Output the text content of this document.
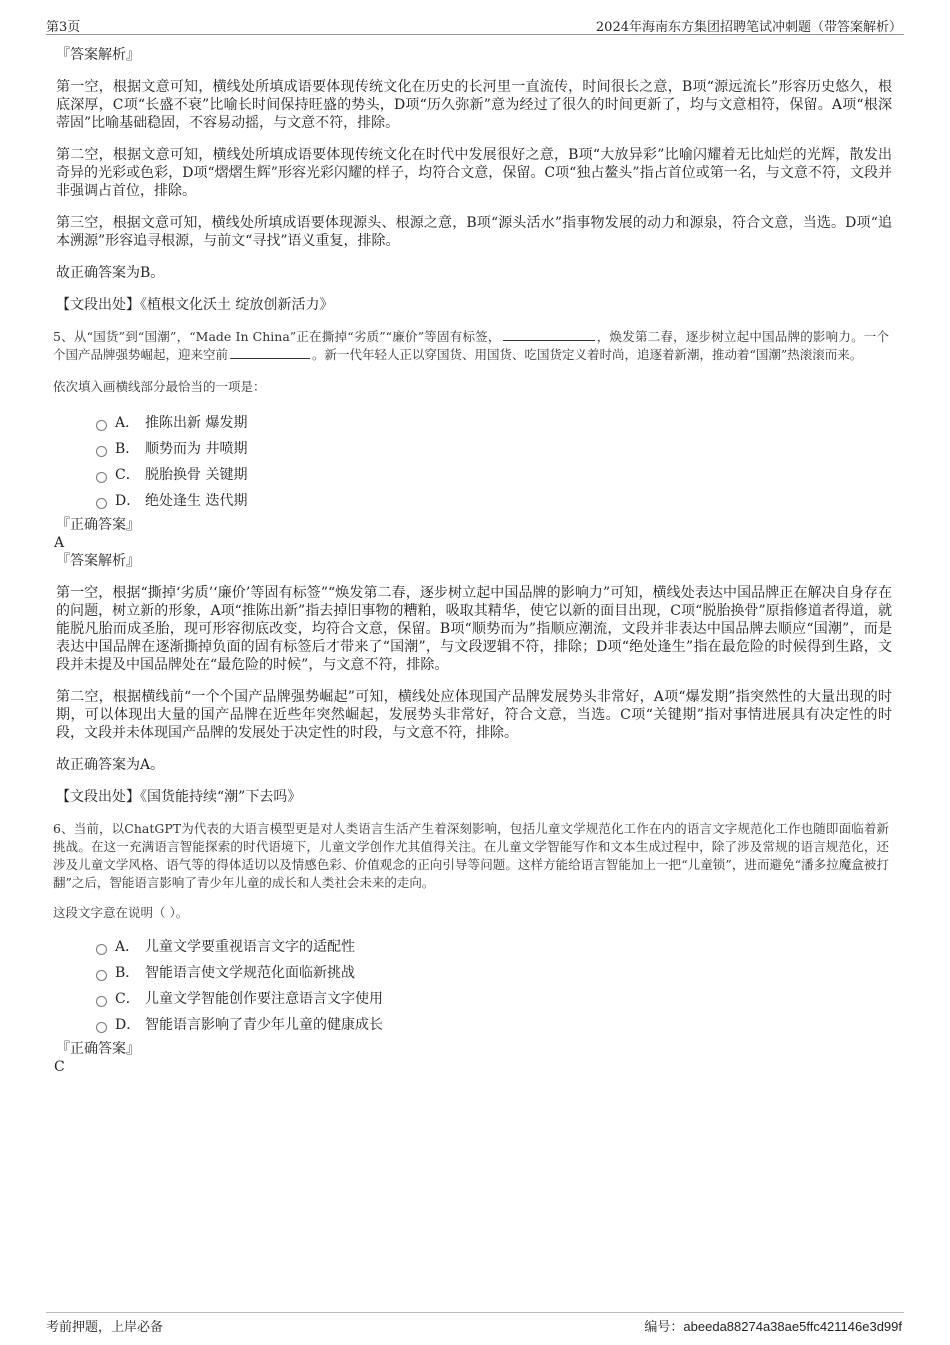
第3页	2024年海南东方集团招聘笔试冲刺题（带答案解析）

『答案解析』

第一空，根据文意可知，横线处所填成语要体现传统文化在历史的长河里一直流传，时间很长之意，B项“源远流长”形容历史悠久，根底深厚，C项“长盛不衰”比喻长时间保持旺盛的势头，D项“历久弥新”意为经过了很久的时间更新了，均与文意相符，保留。A项“根深蒂固”比喻基础稳固，不容易动摇，与文意不符，排除。

第二空，根据文意可知，横线处所填成语要体现传统文化在时代中发展很好之意，B项“大放异彩”比喻闪耀着无比灿烂的光辉，散发出奇异的光彩或色彩，D项“熠熠生辉”形容光彩闪耀的样子，均符合文意，保留。C项“独占鳌头”指占首位或第一名，与文意不符，文段并非强调占首位，排除。

第三空，根据文意可知，横线处所填成语要体现源头、根源之意，B项“源头活水”指事物发展的动力和源泉，符合文意，当选。D项“追本溯源”形容追寻根源，与前文“寻找”语义重复，排除。

故正确答案为B。

【文段出处】《植根文化沃土 绽放创新活力》

5、从“国货”到“国潮”，“Made In China”正在撕掉“劣质”“廉价”等固有标签，	，焕发第二春，逐步树立起中国品牌的影响力。一个个国产品牌强势崛起，迎来空前	。新一代年轻人正以穿国货、用国货、吃国货定义着时尚，追逐着新潮，推动着“国潮”热滚滚而来。

依次填入画横线部分最恰当的一项是：

A． 推陈出新 爆发期
B． 顺势而为 井喷期
C． 脱胎换骨 关键期
D． 绝处逢生 迭代期

『正确答案』

A

『答案解析』

第一空，根据“撕掉‘劣质’‘廉价’等固有标签”“焕发第二春，逐步树立起中国品牌的影响力”可知，横线处表达中国品牌正在解决自身存在的问题，树立新的形象，A项“推陈出新”指去掉旧事物的糟粕，吸取其精华，使它以新的面目出现，C项“脱胎换骨”原指修道者得道，就能脱凡胎而成圣胎，现可形容彻底改变，均符合文意，保留。B项“顺势而为”指顺应潮流，文段并非表达中国品牌去顺应“国潮”，而是表达中国品牌在逐渐撕掉负面的固有标签后才带来了“国潮”，与文段逻辑不符，排除；D项“绝处逢生”指在最危险的时候得到生路，文段并未提及中国品牌处在“最危险的时候”，与文意不符，排除。

第二空，根据横线前“一个个国产品牌强势崛起”可知，横线处应体现国产品牌发展势头非常好，A项“爆发期”指突然性的大量出现的时期，可以体现出大量的国产品牌在近些年突然崛起，发展势头非常好，符合文意，当选。C项“关键期”指对事情进展具有决定性的时段，文段并未体现国产品牌的发展处于决定性的时段，与文意不符，排除。

故正确答案为A。

【文段出处】《国货能持续“潮”下去吗》

6、当前，以ChatGPT为代表的大语言模型更是对人类语言生活产生着深刻影响，包括儿童文学规范化工作在内的语言文字规范化工作也随即面临着新挑战。在这一充满语言智能探索的时代语境下，儿童文学创作尤其值得关注。在儿童文学智能写作和文本生成过程中，除了涉及常规的语言规范化，还涉及儿童文学风格、语气等的得体适切以及情感色彩、价值观念的正向引导等问题。这样方能给语言智能加上一把“儿童锁”，进而避免“潘多拉魔盒被打翻”之后，智能语言影响了青少年儿童的成长和人类社会未来的走向。

这段文字意在说明（ ）。

A． 儿童文学要重视语言文字的适配性
B． 智能语言使文学规范化面临新挑战
C． 儿童文学智能创作要注意语言文字使用
D． 智能语言影响了青少年儿童的健康成长

『正确答案』

C

考前押题，上岸必备	编号：abeeda88274a38ae5ffc421146e3d99f
